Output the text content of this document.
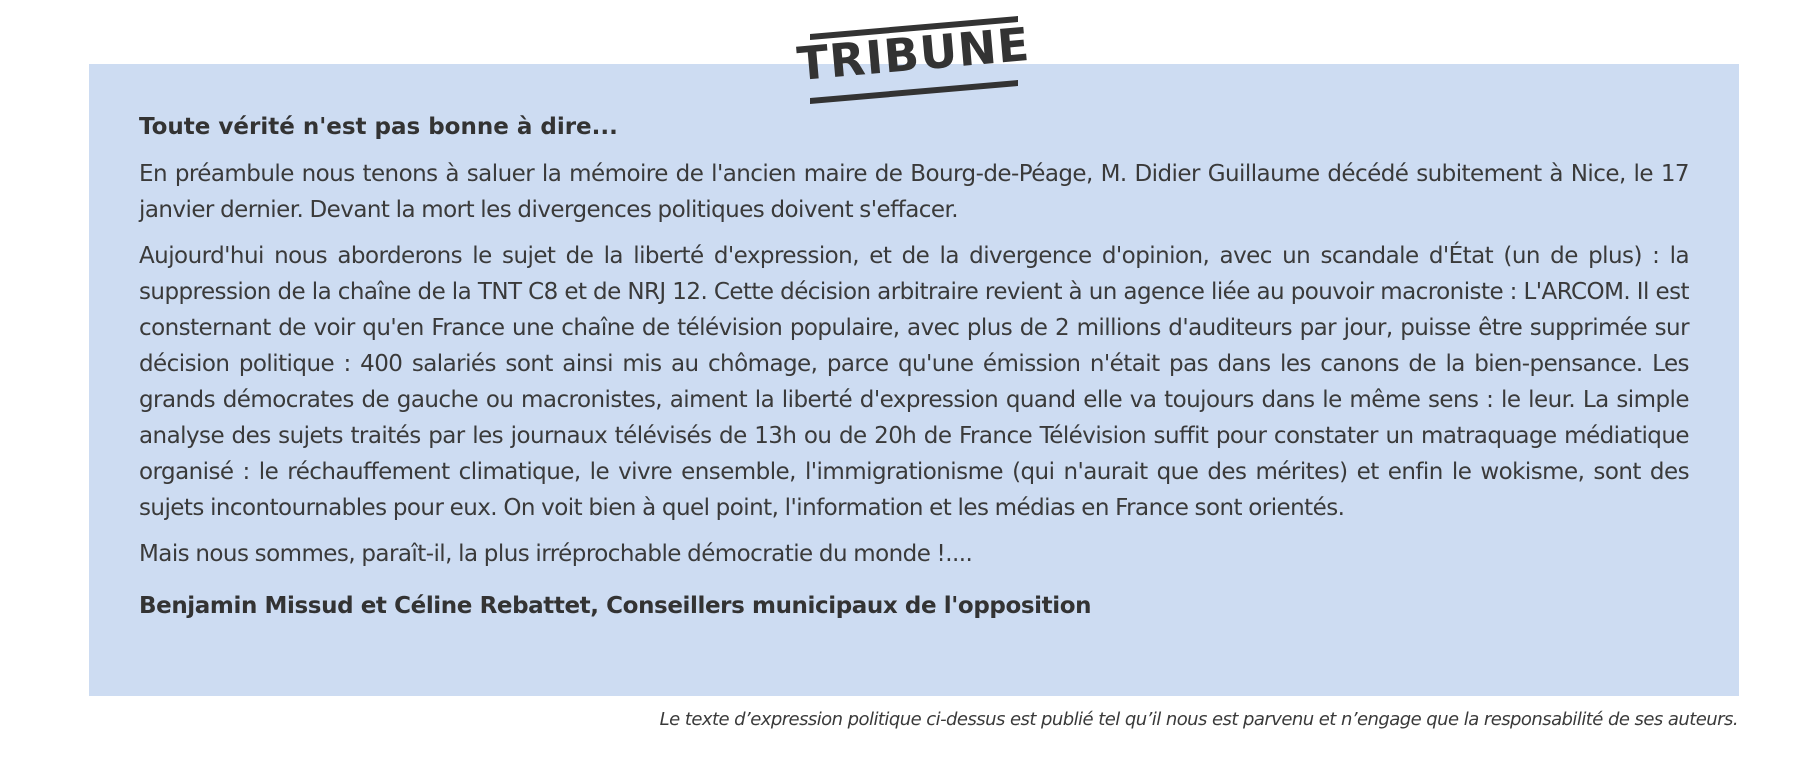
TRIBUNE
Toute vérité n'est pas bonne à dire...

En préambule nous tenons à saluer la mémoire de l'ancien maire de Bourg-de-Péage, M. Didier Guillaume décédé subitement à Nice, le 17 janvier dernier. Devant la mort les divergences politiques doivent s'effacer.

Aujourd'hui nous aborderons le sujet de la liberté d'expression, et de la divergence d'opinion, avec un scandale d'État (un de plus) : la suppression de la chaîne de la TNT C8 et de NRJ 12. Cette décision arbitraire revient à un agence liée au pouvoir macroniste : L'ARCOM. Il est consternant de voir qu'en France une chaîne de télévision populaire, avec plus de 2 millions d'auditeurs par jour, puisse être supprimée sur décision politique : 400 salariés sont ainsi mis au chômage, parce qu'une émission n'était pas dans les canons de la bien-pensance. Les grands démocrates de gauche ou macronistes, aiment la liberté d'expression quand elle va toujours dans le même sens : le leur. La simple analyse des sujets traités par les journaux télévisés de 13h ou de 20h de France Télévision suffit pour constater un matraquage médiatique organisé : le réchauffement climatique, le vivre ensemble, l'immigrationisme (qui n'aurait que des mérites) et enfin le wokisme, sont des sujets incontournables pour eux. On voit bien à quel point, l'information et les médias en France sont orientés.

Mais nous sommes, paraît-il, la plus irréprochable démocratie du monde !....

Benjamin Missud et Céline Rebattet, Conseillers municipaux de l'opposition
Le texte d’expression politique ci-dessus est publié tel qu’il nous est parvenu et n’engage que la responsabilité de ses auteurs.
